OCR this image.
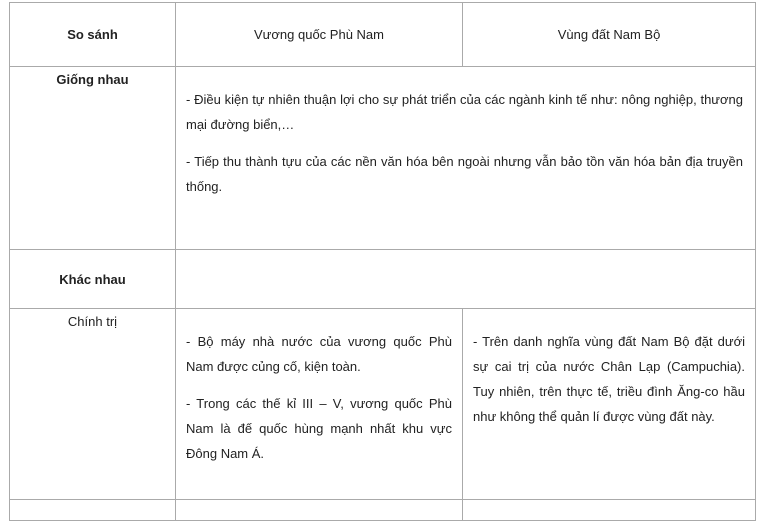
So sánh	Vương quốc Phù Nam	Vùng đất Nam Bộ
Giống nhau	- Điều kiện tự nhiên thuận lợi cho sự phát triển của các ngành kinh tế như: nông nghiệp, thương mại đường biển,…

- Tiếp thu thành tựu của các nền văn hóa bên ngoài nhưng vẫn bảo tồn văn hóa bản địa truyền thống.	

Khác nhau		
Chính trị	- Bộ máy nhà nước của vương quốc Phù Nam được củng cố, kiện toàn.

- Trong các thế kỉ III – V, vương quốc Phù Nam là đế quốc hùng mạnh nhất khu vực Đông Nam Á.	- Trên danh nghĩa vùng đất Nam Bộ đặt dưới sự cai trị của nước Chân Lạp (Campuchia). Tuy nhiên, trên thực tế, triều đình Ăng-co hầu như không thể quản lí được vùng đất này.
